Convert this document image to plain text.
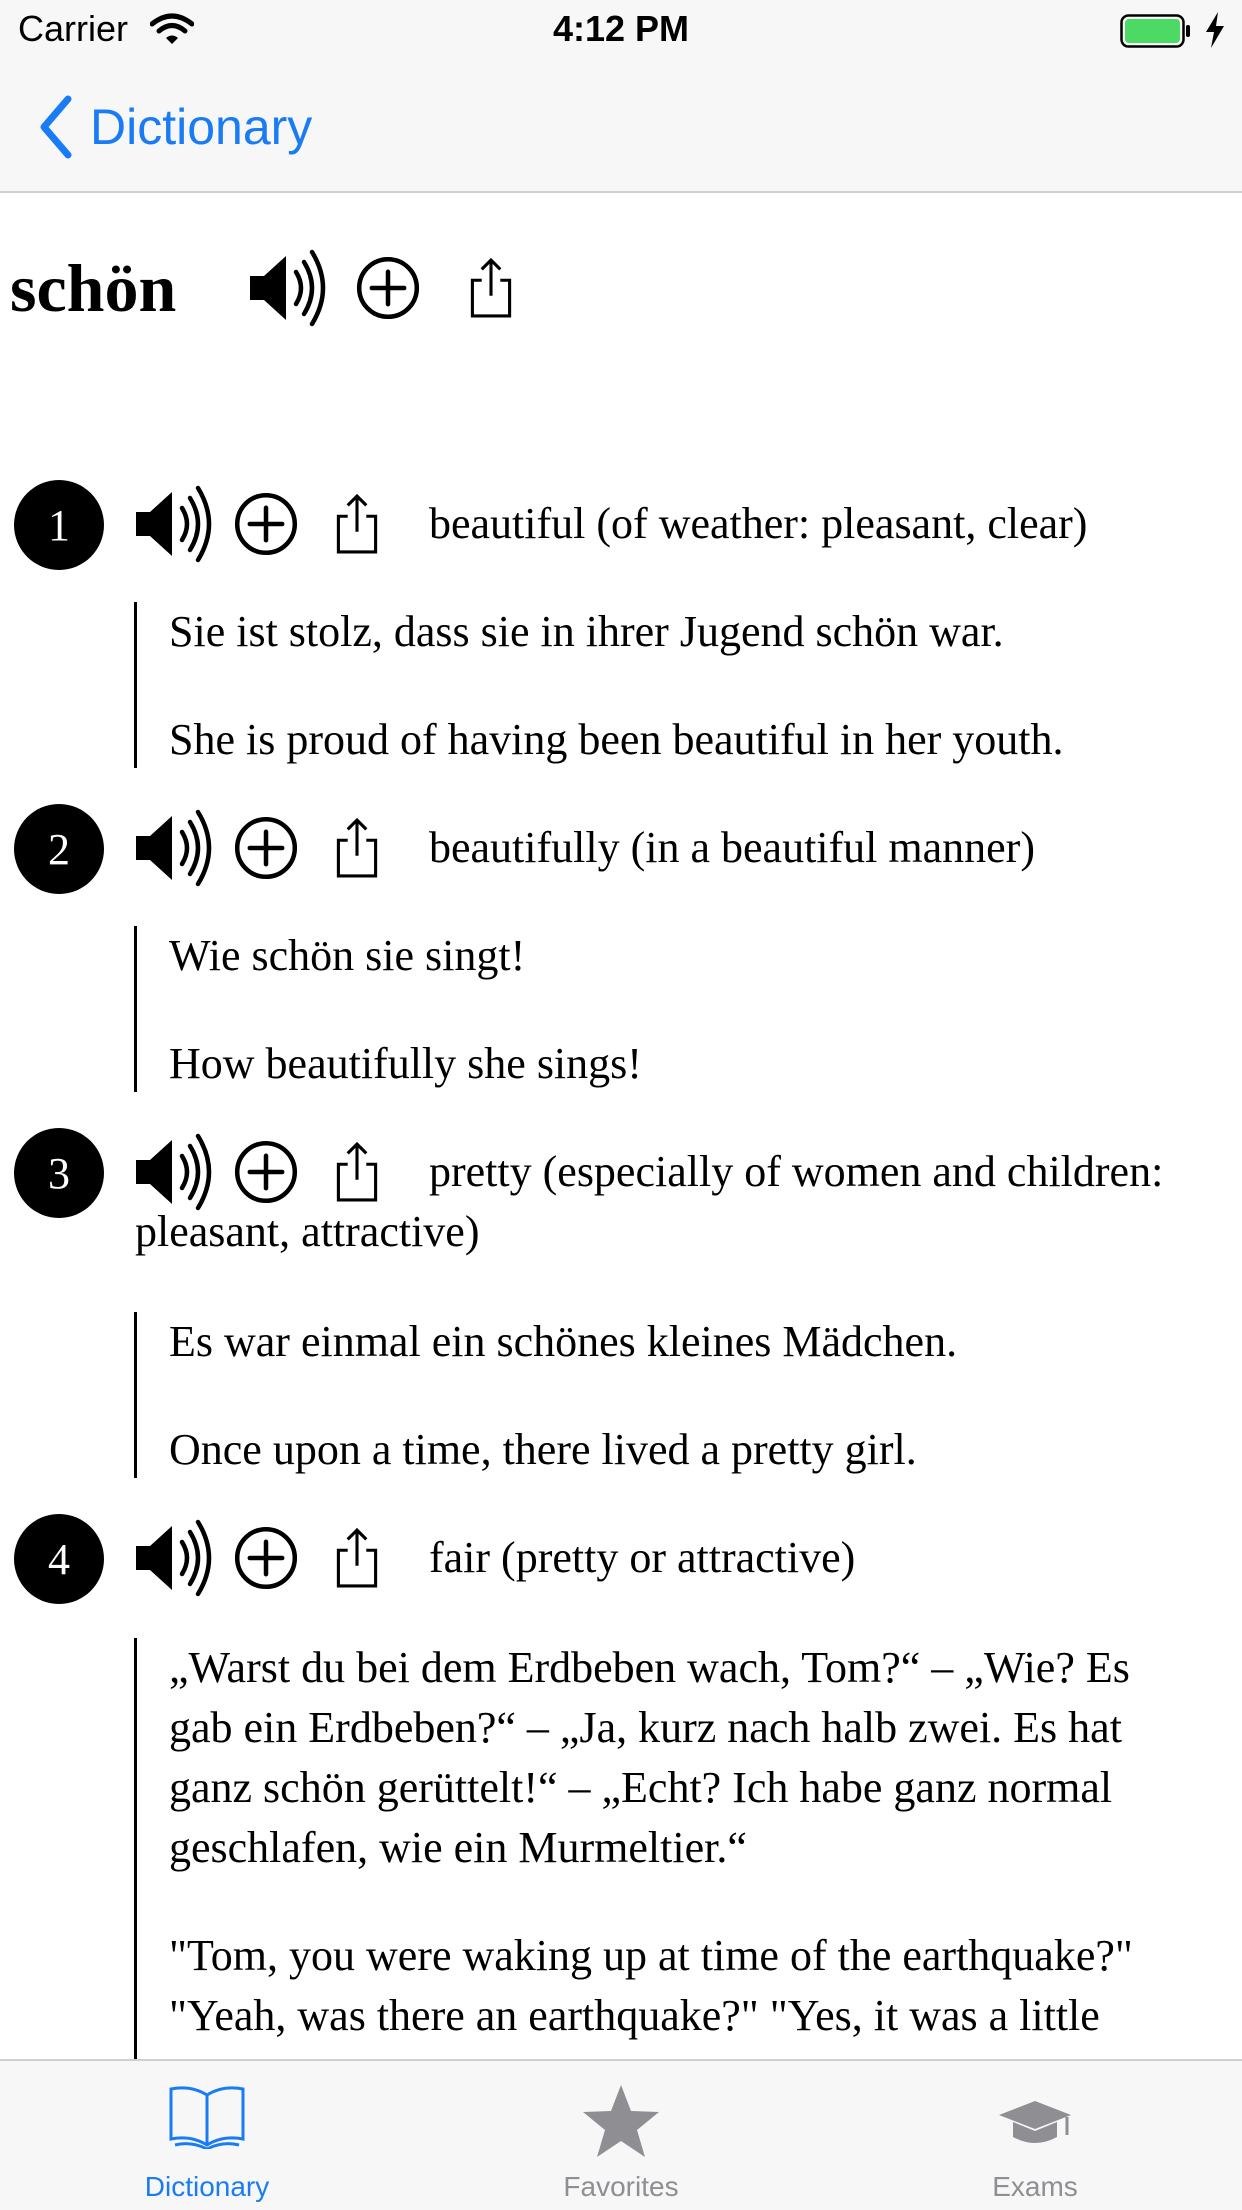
Carrier	4:12 PM
Dictionary
schön
1	beautiful (of weather: pleasant, clear)

Sie ist stolz, dass sie in ihrer Jugend schön war.

She is proud of having been beautiful in her youth.

2	beautifully (in a beautiful manner)

Wie schön sie singt!

How beautifully she sings!

3	pretty (especially of women and children:
pleasant, attractive)

Es war einmal ein schönes kleines Mädchen.

Once upon a time, there lived a pretty girl.

4	fair (pretty or attractive)

„Warst du bei dem Erdbeben wach, Tom?“ – „Wie? Es

gab ein Erdbeben?“ – „Ja, kurz nach halb zwei. Es hat

ganz schön gerüttelt!“ – „Echt? Ich habe ganz normal

geschlafen, wie ein Murmeltier.“

"Tom, you were waking up at time of the earthquake?"

"Yeah, was there an earthquake?" "Yes, it was a little

Dictionary	Favorites	Exams
